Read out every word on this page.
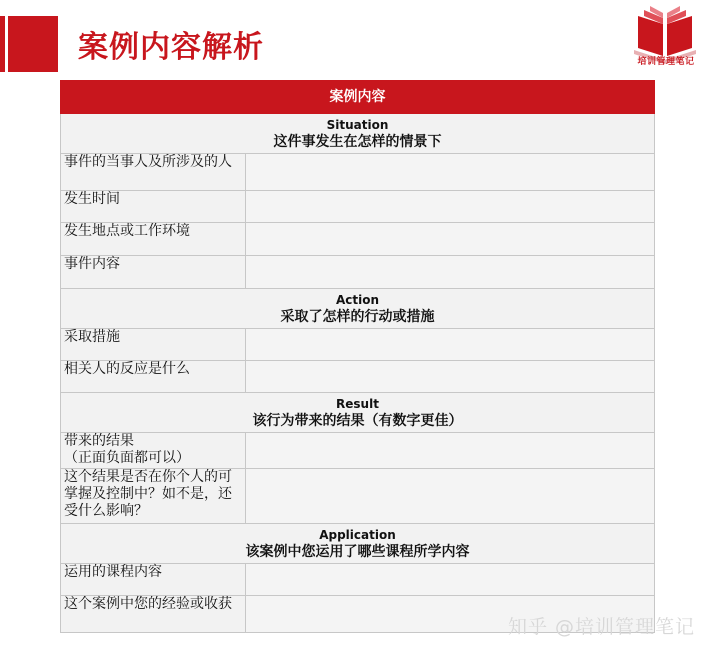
案例内容解析	培训管理笔记
案例内容	

Situation
这件事发生在怎样的情景下	

事件的当事人及所涉及的人	
发生时间	
发生地点或工作环境	
事件内容	

Action
采取了怎样的行动或措施	

采取措施	
相关人的反应是什么	

Result
该行为带来的结果（有数字更佳）	

带来的结果
（正面负面都可以）	
这个结果是否在你个人的可掌握及控制中？如不是，还受什么影响？	

Application
该案例中您运用了哪些课程所学内容	

运用的课程内容	
这个案例中您的经验或收获	
知乎 @培训管理笔记
